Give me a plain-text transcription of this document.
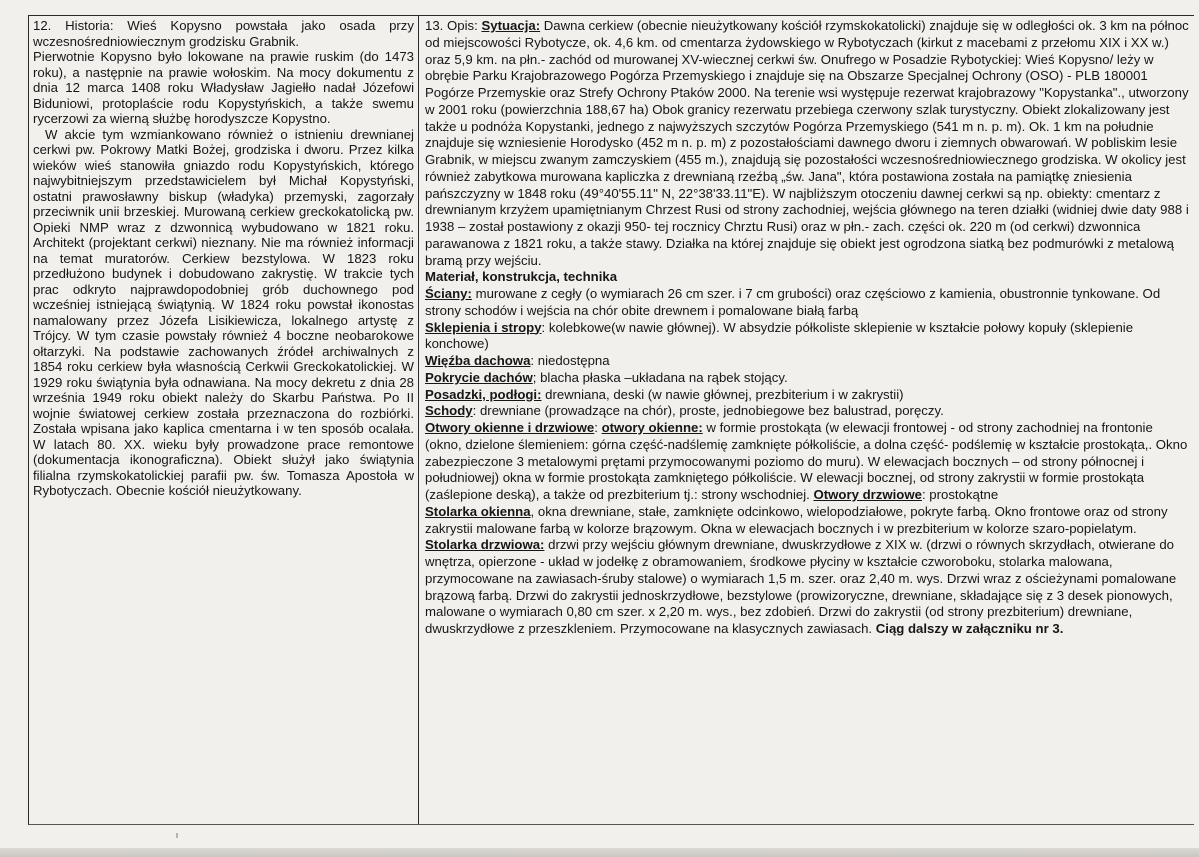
12. Historia: Wieś Kopysno powstała jako osada przy wczesnośredniowiecznym grodzisku Grabnik.

Pierwotnie Kopysno było lokowane na prawie ruskim (do 1473 roku), a następnie na prawie wołoskim. Na mocy dokumentu z dnia 12 marca 1408 roku Władysław Jagiełło nadał Józefowi Biduniowi, protoplaście rodu Kopystyńskich, a także swemu rycerzowi za wierną służbę horodyszcze Kopystno.

W akcie tym wzmiankowano również o istnieniu drewnianej cerkwi pw. Pokrowy Matki Bożej, grodziska i dworu. Przez kilka wieków wieś stanowiła gniazdo rodu Kopystyńskich, którego najwybitniejszym przedstawicielem był Michał Kopystyński, ostatni prawosławny biskup (władyka) przemyski, zagorzały przeciwnik unii brzeskiej. Murowaną cerkiew greckokatolicką pw. Opieki NMP wraz z dzwonnicą wybudowano w 1821 roku. Architekt (projektant cerkwi) nieznany. Nie ma również informacji na temat muratorów. Cerkiew bezstylowa. W 1823 roku przedłużono budynek i dobudowano zakrystię. W trakcie tych prac odkryto najprawdopodobniej grób duchownego pod wcześniej istniejącą świątynią. W 1824 roku powstał ikonostas namalowany przez Józefa Lisikiewicza, lokalnego artystę z Trójcy. W tym czasie powstały również 4 boczne neobarokowe ołtarzyki. Na podstawie zachowanych źródeł archiwalnych z 1854 roku cerkiew była własnością Cerkwii Greckokatolickiej. W 1929 roku świątynia była odnawiana. Na mocy dekretu z dnia 28 września 1949 roku obiekt należy do Skarbu Państwa. Po II wojnie światowej cerkiew została przeznaczona do rozbiórki. Została wpisana jako kaplica cmentarna i w ten sposób ocalała. W latach 80. XX. wieku były prowadzone prace remontowe (dokumentacja ikonograficzna). Obiekt służył jako świątynia filialna rzymskokatolickiej parafii pw. św. Tomasza Apostoła w Rybotyczach. Obecnie kościół nieużytkowany.

13. Opis: Sytuacja: Dawna cerkiew (obecnie nieużytkowany kościół rzymskokatolicki) znajduje się w odległości ok. 3 km na północ od miejscowości Rybotycze, ok. 4,6 km. od cmentarza żydowskiego w Rybotyczach (kirkut z macebami z przełomu XIX i XX w.) oraz 5,9 km. na płn.- zachód od murowanej XV-wiecznej cerkwi św. Onufrego w Posadzie Rybotyckiej: Wieś Kopysno/ leży w obrębie Parku Krajobrazowego Pogórza Przemyskiego i znajduje się na Obszarze Specjalnej Ochrony (OSO) - PLB 180001 Pogórze Przemyskie oraz Strefy Ochrony Ptaków 2000. Na terenie wsi występuje rezerwat krajobrazowy "Kopystanka"., utworzony w 2001 roku (powierzchnia 188,67 ha) Obok granicy rezerwatu przebiega czerwony szlak turystyczny. Obiekt zlokalizowany jest także u podnóża Kopystanki, jednego z najwyższych szczytów Pogórza Przemyskiego (541 m n. p. m). Ok. 1 km na południe znajduje się wzniesienie Horodysko (452 m n. p. m) z pozostałościami dawnego dworu i ziemnych obwarowań. W pobliskim lesie Grabnik, w miejscu zwanym zamczyskiem (455 m.), znajdują się pozostałości wczesnośredniowiecznego grodziska. W okolicy jest również zabytkowa murowana kapliczka z drewnianą rzeźbą „św. Jana", która postawiona została na pamiątkę zniesienia pańszczyzny w 1848 roku (49°40'55.11" N, 22°38'33.11"E). W najbliższym otoczeniu dawnej cerkwi są np. obiekty: cmentarz z drewnianym krzyżem upamiętnianym Chrzest Rusi od strony zachodniej, wejścia głównego na teren działki (widniej dwie daty 988 i 1938 – został postawiony z okazji 950- tej rocznicy Chrztu Rusi) oraz w płn.- zach. części ok. 220 m (od cerkwi) dzwonnica parawanowa z 1821 roku, a także stawy. Działka na której znajduje się obiekt jest ogrodzona siatką bez podmurówki z metalową bramą przy wejściu.

Materiał, konstrukcja, technika

Ściany: murowane z cegły (o wymiarach 26 cm szer. i 7 cm grubości) oraz częściowo z kamienia, obustronnie tynkowane. Od strony schodów i wejścia na chór obite drewnem i pomalowane białą farbą

Sklepienia i stropy: kolebkowe(w nawie głównej). W absydzie półkoliste sklepienie w kształcie połowy kopuły (sklepienie konchowe)

Więźba dachowa: niedostępna

Pokrycie dachów; blacha płaska –układana na rąbek stojący.

Posadzki, podłogi: drewniana, deski (w nawie głównej, prezbiterium i w zakrystii)

Schody: drewniane (prowadzące na chór), proste, jednobiegowe bez balustrad, poręczy.

Otwory okienne i drzwiowe: otwory okienne: w formie prostokąta (w elewacji frontowej - od strony zachodniej na frontonie (okno, dzielone ślemieniem: górna część-nadślemię zamknięte półkoliście, a dolna część- podślemię w kształcie prostokąta,. Okno zabezpieczone 3 metalowymi prętami przymocowanymi poziomo do muru). W elewacjach bocznych – od strony północnej i południowej) okna w formie prostokąta zamkniętego półkoliście. W elewacji bocznej, od strony zakrystii w formie prostokąta (zaślepione deską), a także od prezbiterium tj.: strony wschodniej. Otwory drzwiowe: prostokątne

Stolarka okienna, okna drewniane, stałe, zamknięte odcinkowo, wielopodziałowe, pokryte farbą. Okno frontowe oraz od strony zakrystii malowane farbą w kolorze brązowym. Okna w elewacjach bocznych i w prezbiterium w kolorze szaro-popielatym.

Stolarka drzwiowa: drzwi przy wejściu głównym drewniane, dwuskrzydłowe z XIX w. (drzwi o równych skrzydłach, otwierane do wnętrza, opierzone - układ w jodełkę z obramowaniem, środkowe płyciny w kształcie czworoboku, stolarka malowana, przymocowane na zawiasach-śruby stalowe) o wymiarach 1,5 m. szer. oraz 2,40 m. wys. Drzwi wraz z ościeżynami pomalowane brązową farbą. Drzwi do zakrystii jednoskrzydłowe, bezstylowe (prowizoryczne, drewniane, składające się z 3 desek pionowych, malowane o wymiarach 0,80 cm szer. x 2,20 m. wys., bez zdobień. Drzwi do zakrystii (od strony prezbiterium) drewniane, dwuskrzydłowe z przeszkleniem. Przymocowane na klasycznych zawiasach. Ciąg dalszy w załączniku nr 3.
